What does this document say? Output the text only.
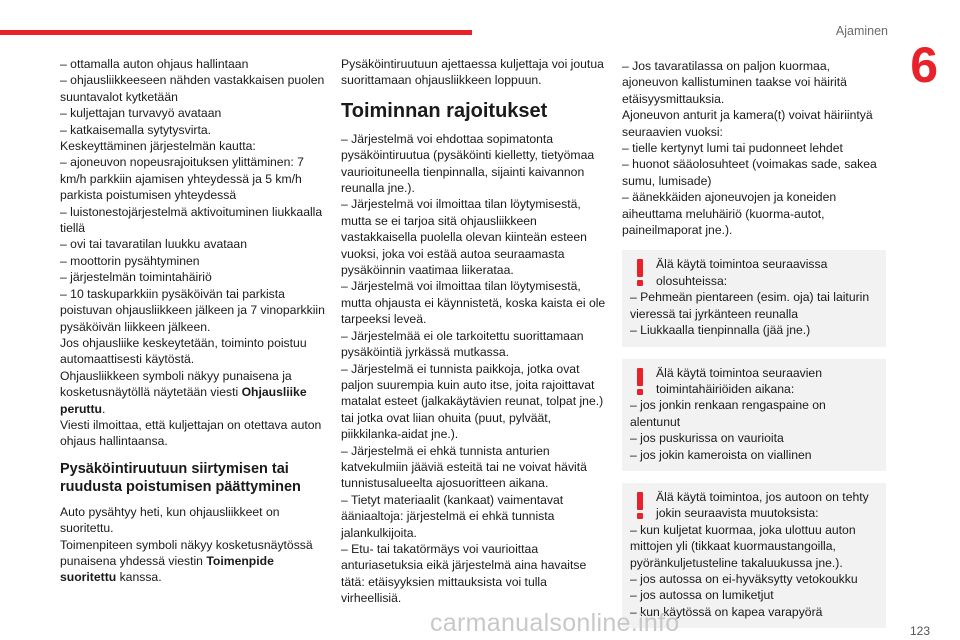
Ajaminen
6

– ottamalla auton ohjaus hallintaan

– ohjausliikkeeseen nähden vastakkaisen puolen suuntavalot kytketään

– kuljettajan turvavyö avataan

– katkaisemalla sytytysvirta.

Keskeyttäminen järjestelmän kautta:

– ajoneuvon nopeusrajoituksen ylittäminen: 7 km/h parkkiin ajamisen yhteydessä ja 5 km/h parkista poistumisen yhteydessä

– luistonestojärjestelmä aktivoituminen liukkaalla tiellä

– ovi tai tavaratilan luukku avataan

– moottorin pysähtyminen

– järjestelmän toimintahäiriö

– 10 taskuparkkiin pysäköivän tai parkista poistuvan ohjausliikkeen jälkeen ja 7 vinoparkkiin pysäköivän liikkeen jälkeen.

Jos ohjausliike keskeytetään, toiminto poistuu automaattisesti käytöstä.

Ohjausliikkeen symboli näkyy punaisena ja kosketusnäytöllä näytetään viesti Ohjausliike peruttu.

Viesti ilmoittaa, että kuljettajan on otettava auton ohjaus hallintaansa.

Pysäköintiruutuun siirtymisen tai ruudusta poistumisen päättyminen

Auto pysähtyy heti, kun ohjausliikkeet on suoritettu.

Toimenpiteen symboli näkyy kosketusnäytössä punaisena yhdessä viestin Toimenpide suoritettu kanssa.

Pysäköintiruutuun ajettaessa kuljettaja voi joutua suorittamaan ohjausliikkeen loppuun.

Toiminnan rajoitukset

– Järjestelmä voi ehdottaa sopimatonta pysäköintiruutua (pysäköinti kielletty, tietyömaa vaurioituneella tienpinnalla, sijainti kaivannon reunalla jne.).

– Järjestelmä voi ilmoittaa tilan löytymisestä, mutta se ei tarjoa sitä ohjausliikkeen vastakkaisella puolella olevan kiinteän esteen vuoksi, joka voi estää autoa seuraamasta pysäköinnin vaatimaa liikerataa.

– Järjestelmä voi ilmoittaa tilan löytymisestä, mutta ohjausta ei käynnistetä, koska kaista ei ole tarpeeksi leveä.

– Järjestelmää ei ole tarkoitettu suorittamaan pysäköintiä jyrkässä mutkassa.

– Järjestelmä ei tunnista paikkoja, jotka ovat paljon suurempia kuin auto itse, joita rajoittavat matalat esteet (jalkakäytävien reunat, tolpat jne.) tai jotka ovat liian ohuita (puut, pylväät, piikkilanka-aidat jne.).

– Järjestelmä ei ehkä tunnista anturien katvekulmiin jääviä esteitä tai ne voivat hävitä tunnistusalueelta ajosuoritteen aikana.

– Tietyt materiaalit (kankaat) vaimentavat ääniaaltoja: järjestelmä ei ehkä tunnista jalankulkijoita.

– Etu- tai takatörmäys voi vaurioittaa anturiasetuksia eikä järjestelmä aina havaitse tätä: etäisyyksien mittauksista voi tulla virheellisiä.

– Jos tavaratilassa on paljon kuormaa, ajoneuvon kallistuminen taakse voi häiritä etäisyysmittauksia.

Ajoneuvon anturit ja kamera(t) voivat häiriintyä seuraavien vuoksi:

– tielle kertynyt lumi tai pudonneet lehdet

– huonot sääolosuhteet (voimakas sade, sakea sumu, lumisade)

– äänekkäiden ajoneuvojen ja koneiden aiheuttama meluhäiriö (kuorma-autot, paineilmaporat jne.).

Älä käytä toimintoa seuraavissa olosuhteissa:

– Pehmeän pientareen (esim. oja) tai laiturin vieressä tai jyrkänteen reunalla

– Liukkaalla tienpinnalla (jää jne.)

Älä käytä toimintoa seuraavien toimintahäiriöiden aikana:

– jos jonkin renkaan rengaspaine on alentunut

– jos puskurissa on vaurioita

– jos jokin kameroista on viallinen

Älä käytä toimintoa, jos autoon on tehty jokin seuraavista muutoksista:

– kun kuljetat kuormaa, joka ulottuu auton mittojen yli (tikkaat kuormaustangoilla, pyöränkuljetusteline takaluukussa jne.).

– jos autossa on ei-hyväksytty vetokoukku

– jos autossa on lumiketjut

– kun käytössä on kapea varapyörä

carmanualsonline.info	123
